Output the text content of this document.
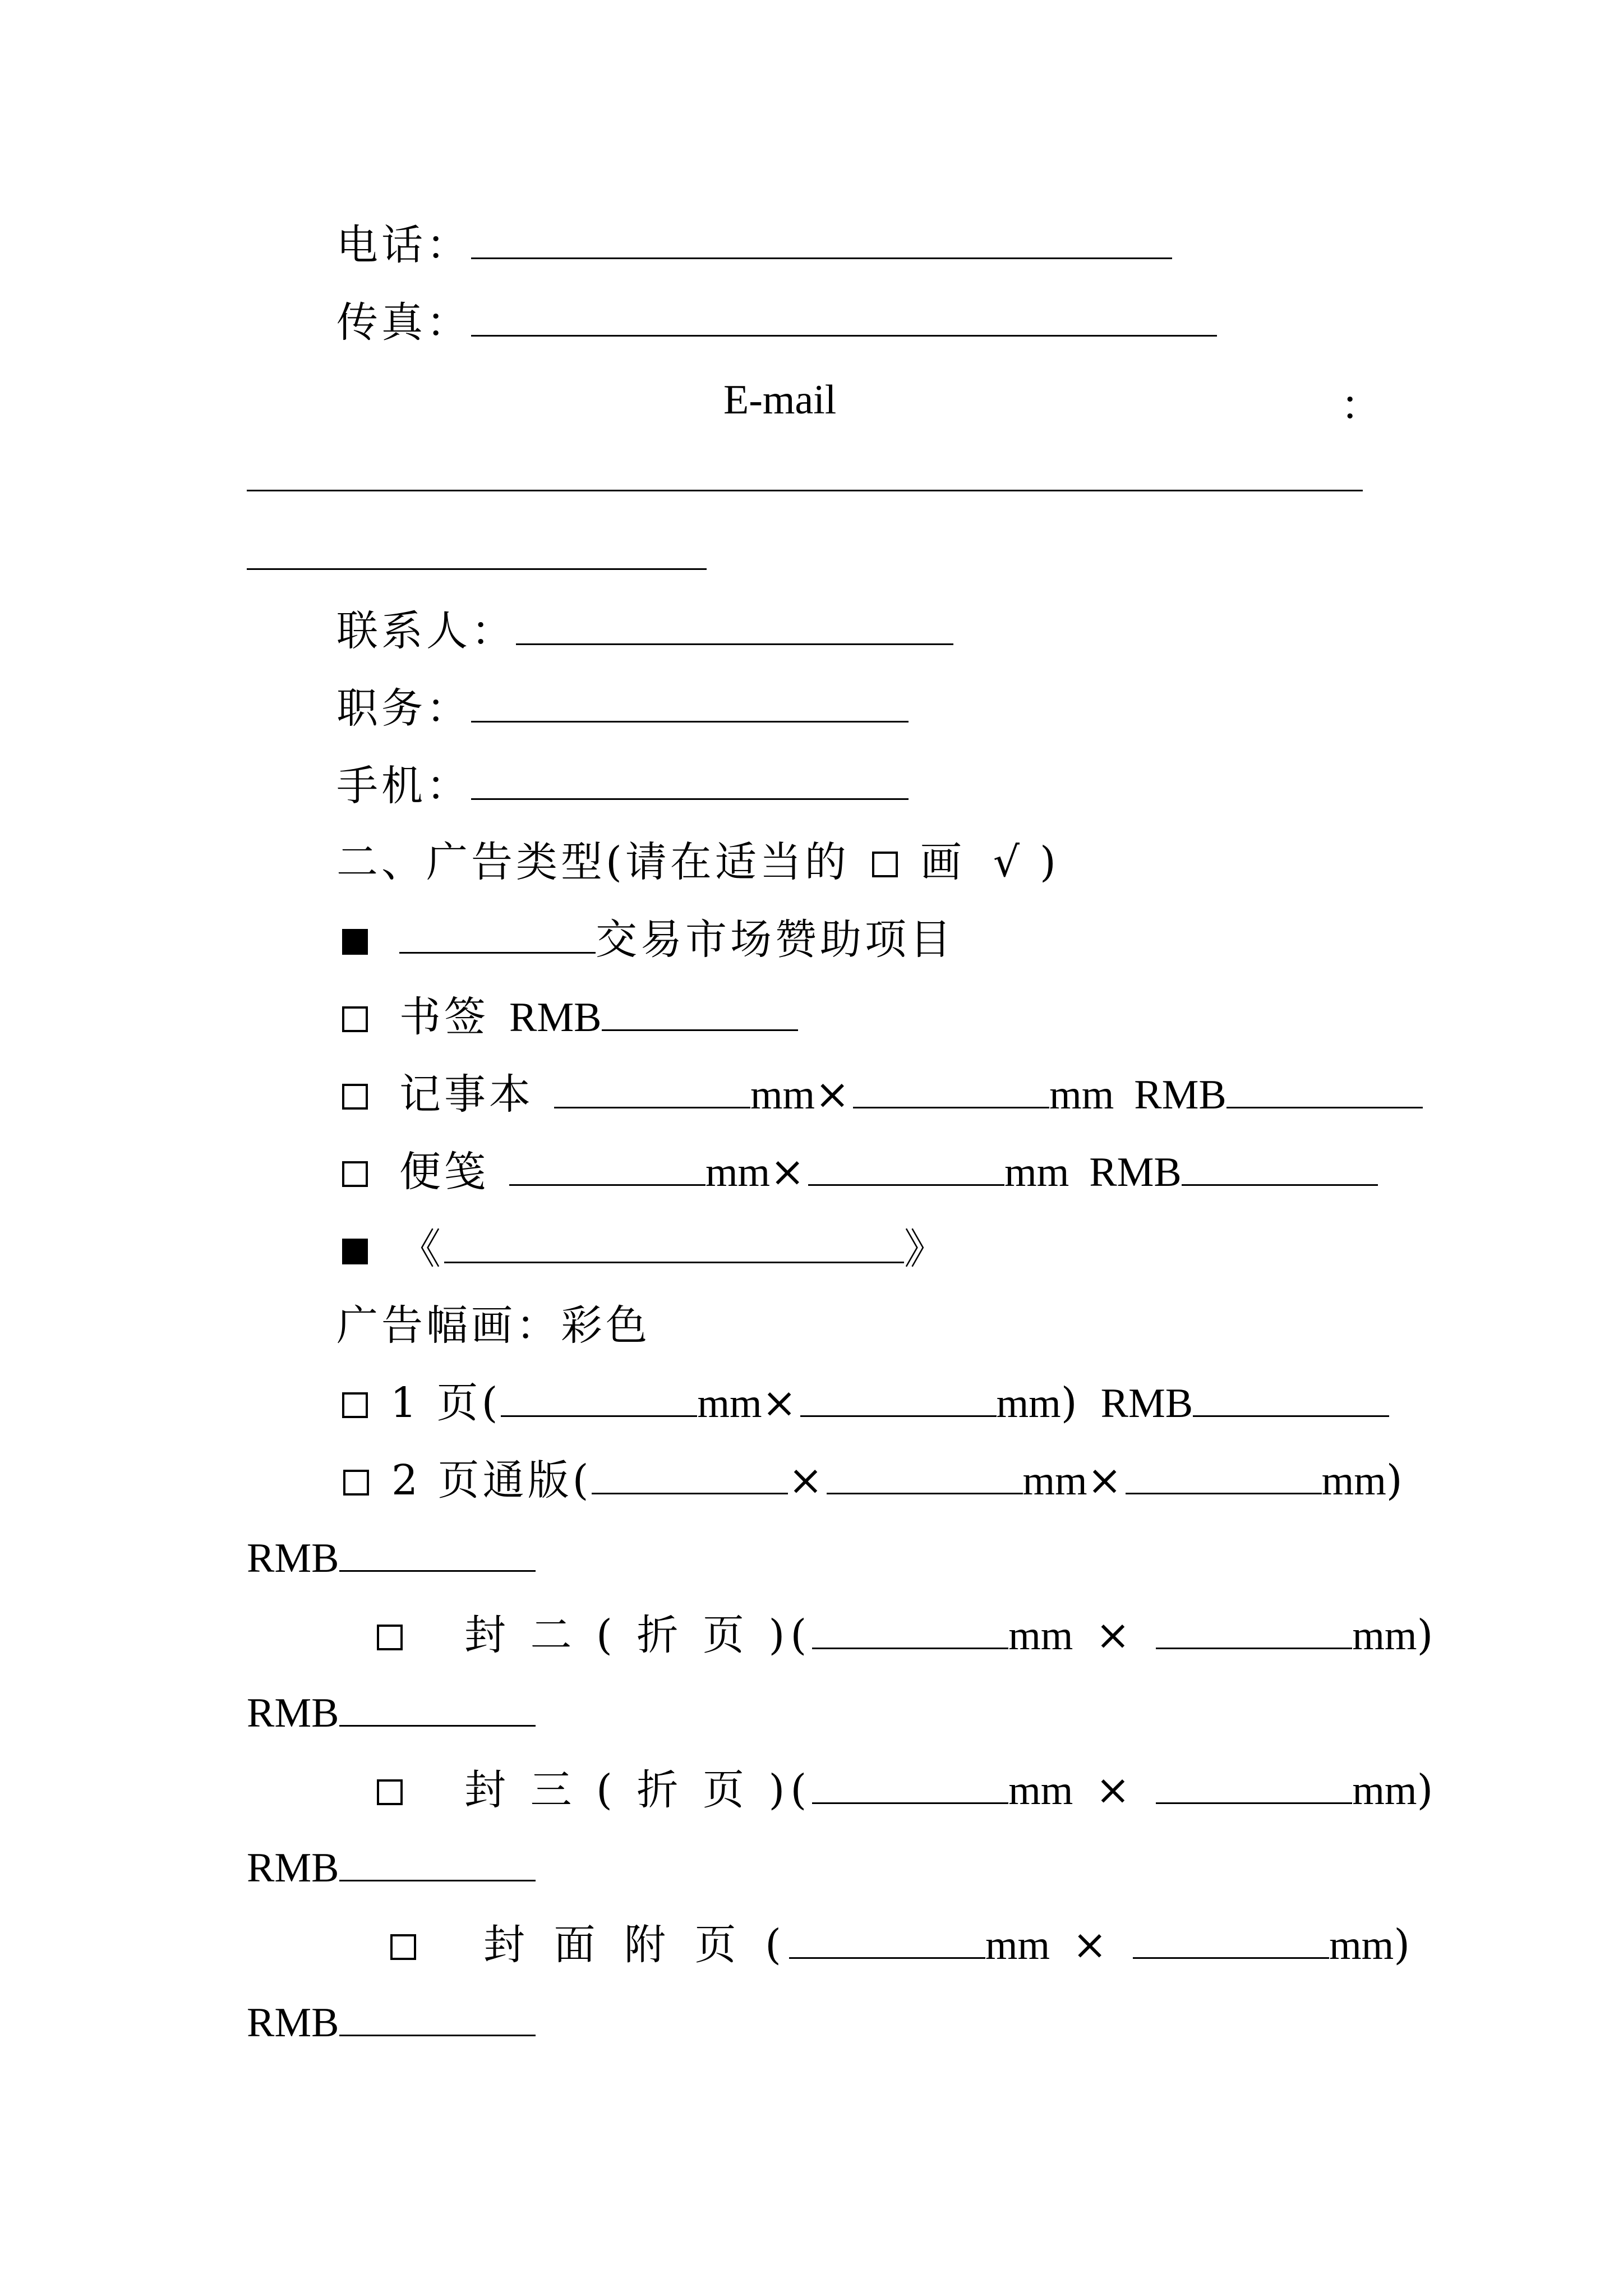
电话：
传真：
E-mail	：
联系人：
职务：
手机：
二、广告类型(请在适当的 画 √ )
交易市场赞助项目
书签 RMB
记事本	mm×	mm RMB
便笺	mm×	mm RMB
《	》
广告幅画：彩色
1 页(	mm×	mm) RMB
2 页通版(	×	mm×	mm)
RMB
封 二 ( 折 页 )(	mm ×	mm)
RMB
封 三 ( 折 页 )(	mm ×	mm)
RMB
封 面 附 页 (	mm ×	mm)
RMB
